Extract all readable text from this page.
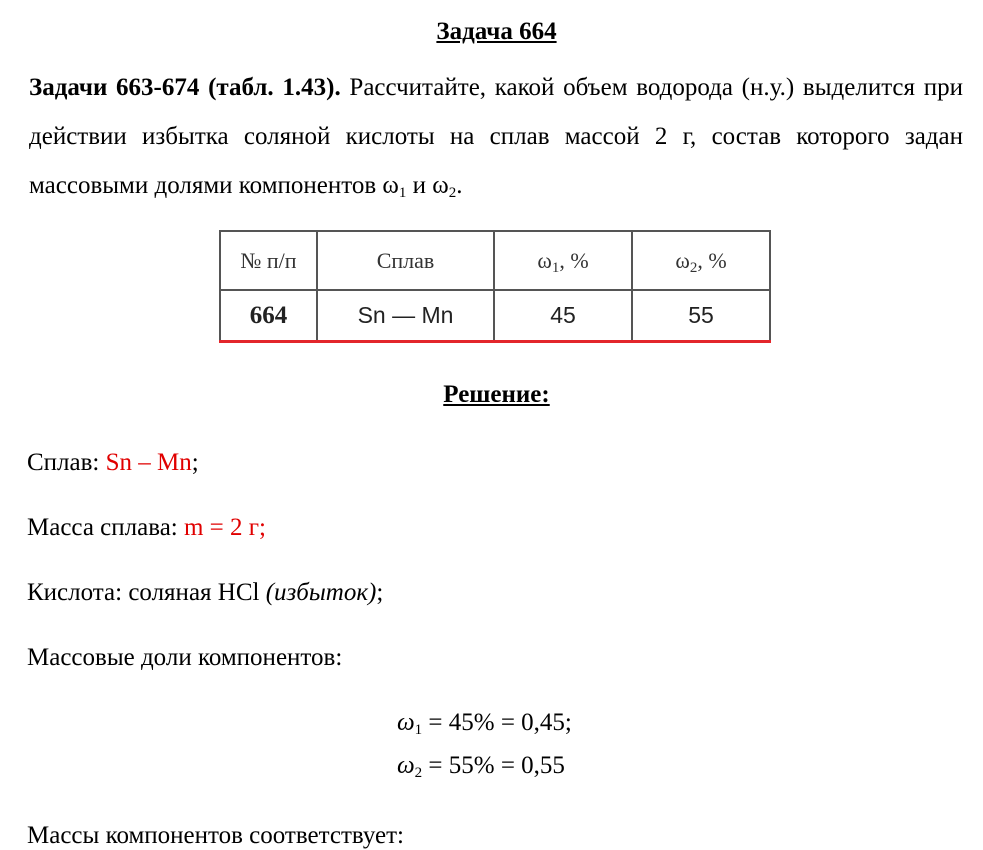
Задача 664
Задачи 663-674 (табл. 1.43). Рассчитайте, какой объем водорода (н.у.) выделится при действии избытка соляной кислоты на сплав массой 2 г, состав которого задан массовыми долями компонентов $\omega_1$ и $\omega_2$.
№ п/п	Сплав	$\omega_1$, %	$\omega_2$, %
664	Sn — Mn	45	55
Решение:
Сплав: Sn – Mn;
Масса сплава: m = 2 г;
Кислота: соляная HCl (избыток);
Массовые доли компонентов:
$\omega_1 = 45\% = 0,45$;
$\omega_2 = 55\% = 0,55$
Массы компонентов соответствует:
